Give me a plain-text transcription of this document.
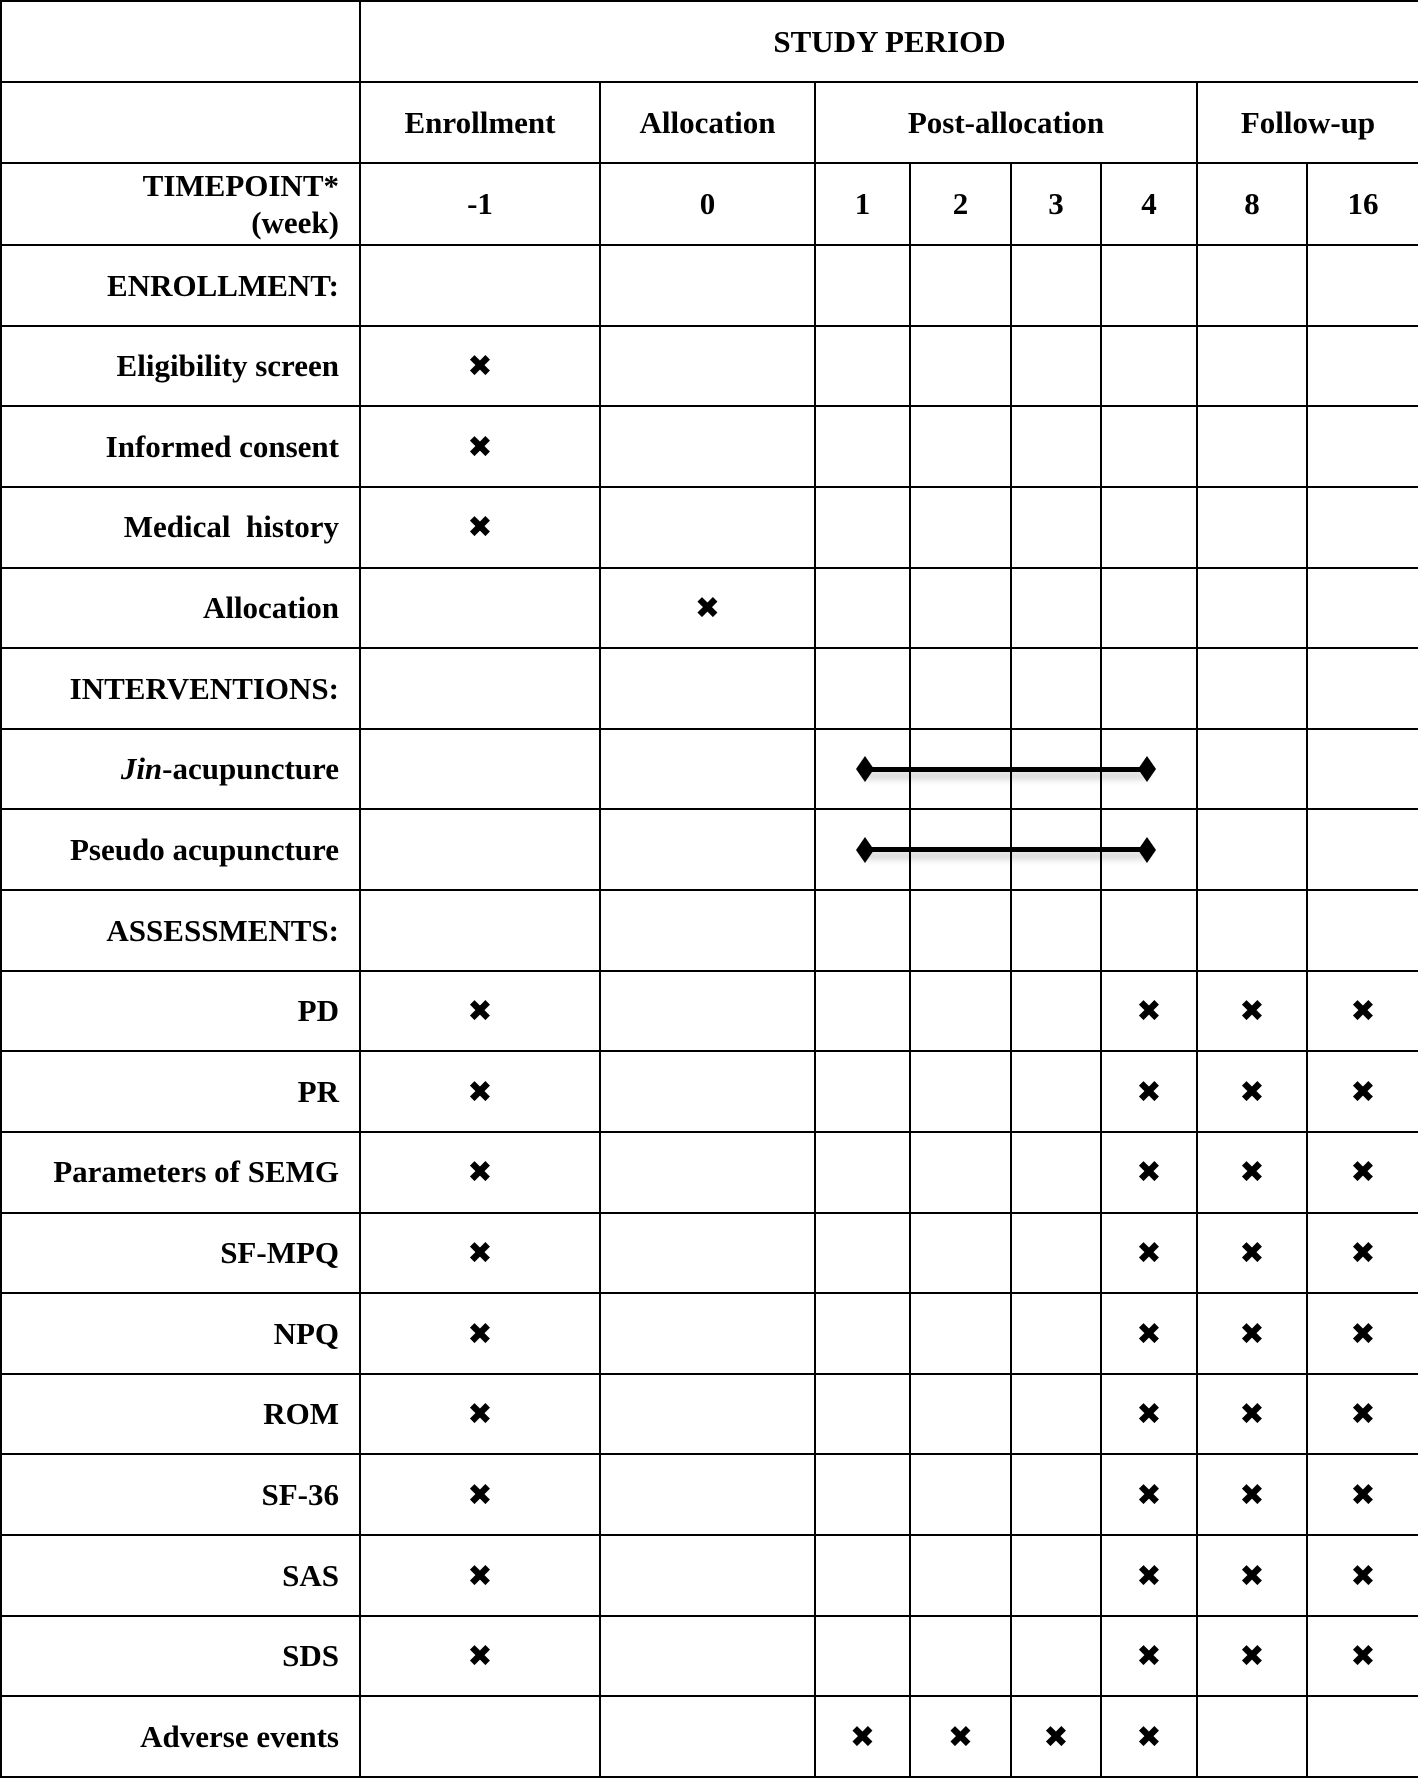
	STUDY PERIOD							
	Enrollment	Allocation	Post-allocation				Follow-up	

TIMEPOINT*
(week)	-1	0	1	2	3	4	8	16
ENROLLMENT:								
Eligibility screen	✖							
Informed consent	✖							
Medical  history	✖							
Allocation		✖						
INTERVENTIONS:								
Jin-acupuncture			

Pseudo acupuncture			

ASSESSMENTS:								
PD	✖					✖	✖	✖
PR	✖					✖	✖	✖
Parameters of SEMG	✖					✖	✖	✖
SF-MPQ	✖					✖	✖	✖
NPQ	✖					✖	✖	✖
ROM	✖					✖	✖	✖
SF-36	✖					✖	✖	✖
SAS	✖					✖	✖	✖
SDS	✖					✖	✖	✖
Adverse events			✖	✖	✖	✖		
